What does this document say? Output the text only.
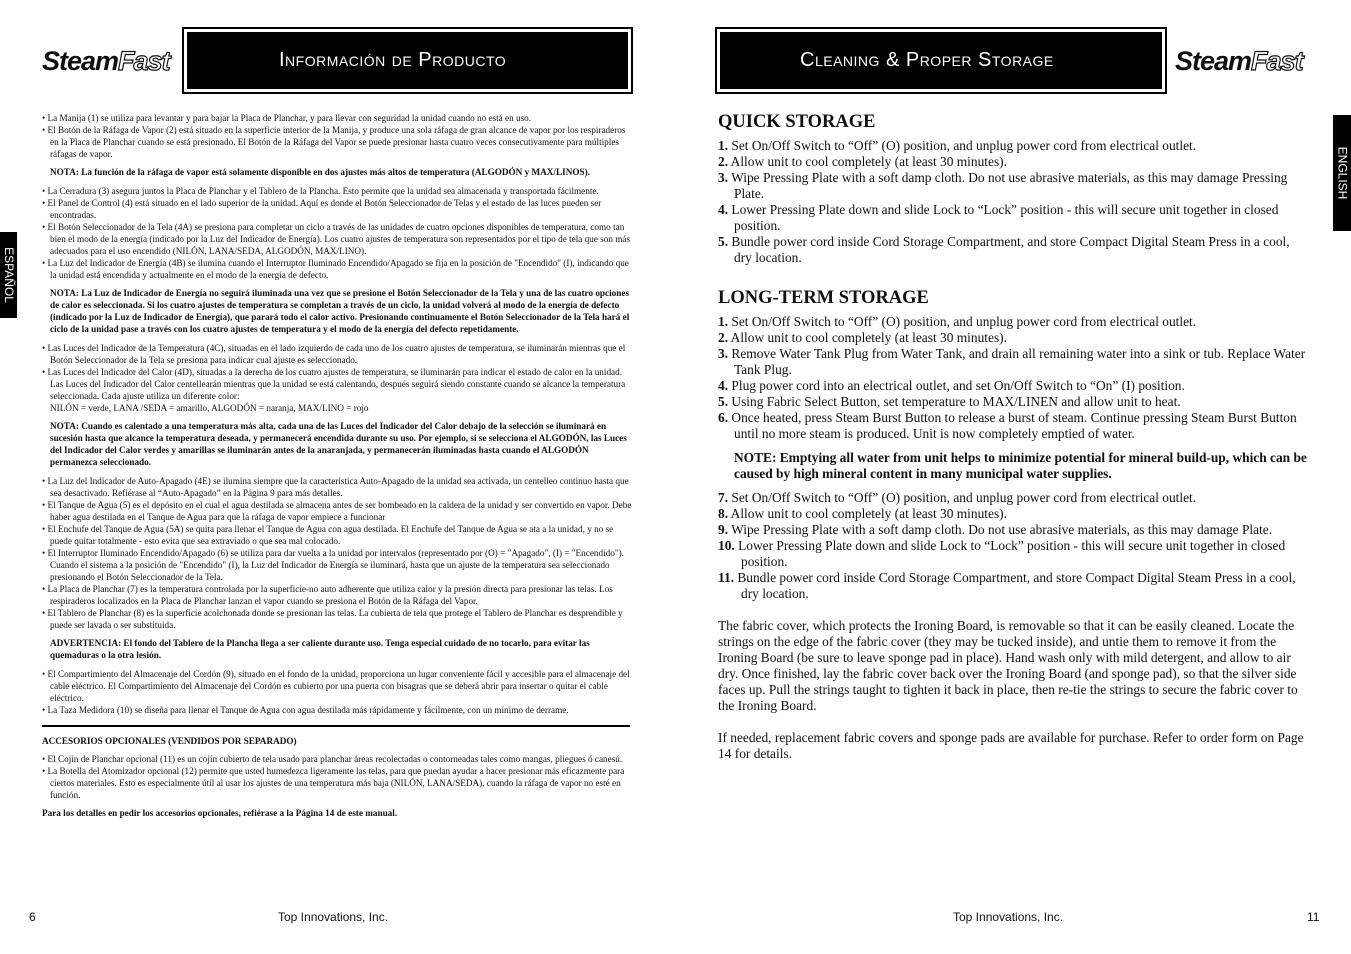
SteamFast	Información de Producto
ESPAÑOL

• La Manija (1) se utiliza para levantar y para bajar la Placa de Planchar, y para llevar con seguridad la unidad cuando no está en uso.

• El Botón de la Ráfaga de Vapor (2) está situado en la superficie interior de la Manija, y produce una sola ráfaga de gran alcance de vapor por los respiraderos en la Placa de Planchar cuando se está presionado. El Botón de la Ráfaga del Vapor se puede presionar hasta cuatro veces consecutivamente para múltiples ráfagas de vapor.

NOTA: La función de la ráfaga de vapor está solamente disponible en dos ajustes más altos de temperatura (ALGODÓN y MAX/LINOS).

• La Cerradura (3) asegura juntos la Placa de Planchar y el Tablero de la Plancha. Esto permite que la unidad sea almacenada y transportada fácilmente.

• El Panel de Control (4) está situado en el lado superior de la unidad. Aquí es donde el Botón Seleccionador de Telas y el estado de las luces pueden ser encontradas.

• El Botón Seleccionador de la Tela (4A) se presiona para completar un ciclo a través de las unidades de cuatro opciones disponibles de temperatura, como tan bien el modo de la energía (indicado por la Luz del Indicador de Energía). Los cuatro ajustes de temperatura son representados por el tipo de tela que son más adecuados para el uso encendido (NILÓN, LANA/SEDA, ALGODÓN, MAX/LINO).

• La Luz del Indicador de Energía (4B) se ilumina cuando el Interruptor Iluminado Encendido/Apagado se fija en la posición de "Encendido" (I), indicando que la unidad está encendida y actualmente en el modo de la energía de defecto.

NOTA: La Luz de Indicador de Energía no seguirá iluminada una vez que se presione el Botón Seleccionador de la Tela y una de las cuatro opciones de calor es seleccionada. Si los cuatro ajustes de temperatura se completan a través de un ciclo, la unidad volverá al modo de la energía de defecto (indicado por la Luz de Indicador de Energía), que parará todo el calor activo. Presionando continuamente el Botón Seleccionador de la Tela hará el ciclo de la unidad pase a través con los cuatro ajustes de temperatura y el modo de la energía del defecto repetidamente.

• Las Luces del Indicador de la Temperatura (4C), situadas en el lado izquierdo de cada uno de los cuatro ajustes de temperatura, se iluminarán mientras que el Botón Seleccionador de la Tela se presiona para indicar cual ajuste es seleccionado.

• Las Luces del Indicador del Calor (4D), situadas a la derecha de los cuatro ajustes de temperatura, se iluminarán para indicar el estado de calor en la unidad. Las Luces del Indicador del Calor centellearán mientras que la unidad se está calentando, después seguirá siendo constante cuando se alcance la temperatura seleccionada. Cada ajuste utiliza un diferente color:

NILÓN = verde, LANA /SEDA = amarillo, ALGODÓN = naranja, MAX/LINO = rojo

NOTA: Cuando es calentado a una temperatura más alta, cada una de las Luces del Indicador del Calor debajo de la selección se iluminará en sucesión hasta que alcance la temperatura deseada, y permanecerá encendida durante su uso. Por ejemplo, si se selecciona el ALGODÓN, las Luces del Indicador del Calor verdes y amarillas se iluminarán antes de la anaranjada, y permanecerán iluminadas hasta cuando el ALGODÓN permanezca seleccionado.

• La Luz del Indicador de Auto-Apagado (4E) se ilumina siempre que la característica Auto-Apagado de la unidad sea activada, un centelleo continuo hasta que sea desactivado. Refiérase al “Auto-Apagado” en la Página 9 para más detalles.

• El Tanque de Agua (5) es el depósito en el cual el agua destilada se almacena antes de ser bombeado en la caldera de la unidad y ser convertido en vapor. Debe haber agua destilada en el Tanque de Agua para que la ráfaga de vapor empiece a funcionar

• El Enchufe del Tanque de Agua (5A) se quita para llenar el Tanque de Agua con agua destilada. El Enchufe del Tanque de Agua se ata a la unidad, y no se puede quitar totalmente - esto evita que sea extraviado o que sea mal colocado.

• El Interruptor Iluminado Encendido/Apagado (6) se utiliza para dar vuelta a la unidad por intervalos (representado por (O) = "Apagado", (I) = "Encendido"). Cuando el sistema a la posición de "Encendido" (I), la Luz del Indicador de Energía se iluminará, hasta que un ajuste de la temperatura sea seleccionado presionando el Botón Seleccionador de la Tela.

• La Placa de Planchar (7) es la temperatura controlada por la superficie-no auto adherente que utiliza calor y la presión directa para presionar las telas. Los respiraderos localizados en la Placa de Planchar lanzan el vapor cuando se presiona el Botón de la Ráfaga del Vapor.

• El Tablero de Planchar (8) es la superficie acolchonada donde se presionan las telas. La cubierta de tela que protege el Tablero de Planchar es desprendible y puede ser lavada o ser substituida.

ADVERTENCIA: El fondo del Tablero de la Plancha llega a ser caliente durante uso. Tenga especial cuidado de no tocarlo, para evitar las quemaduras o la otra lesión.

• El Compartimiento del Almacenaje del Cordón (9), situado en el fondo de la unidad, proporciona un lugar conveniente fácil y accesible para el almacenaje del cable eléctrico. El Compartimiento del Almacenaje del Cordón es cubierto por una puerta con bisagras que se deberá abrir para insertar o quitar el cable eléctrico.

• La Taza Medidora (10) se diseña para llenar el Tanque de Agua con agua destilada más rápidamente y fácilmente, con un mínimo de derrame.

ACCESORIOS OPCIONALES (VENDIDOS POR SEPARADO)

• El Cojín de Planchar opcional (11) es un cojín cubierto de tela usado para planchar áreas recolectadas o contorneadas tales como mangas, pliegues ó canesú.

• La Botella del Atomizador opcional (12) permite que usted humedezca ligeramente las telas, para que puedan ayudar a hacer presionar más eficazmente para ciertos materiales. Esto es especialmente útil al usar los ajustes de una temperatura más baja (NILÓN, LANA/SEDA), cuando la ráfaga de vapor no esté en función.

Para los detalles en pedir los accesorios opcionales, refiérase a la Página 14 de este manual.

6	Top Innovations, Inc.
Cleaning & Proper Storage	SteamFast
ENGLISH
QUICK STORAGE

1. Set On/Off Switch to “Off” (O) position, and unplug power cord from electrical outlet.

2. Allow unit to cool completely (at least 30 minutes).

3. Wipe Pressing Plate with a soft damp cloth. Do not use abrasive materials, as this may damage Pressing Plate.

4. Lower Pressing Plate down and slide Lock to “Lock” position - this will secure unit together in closed position.

5. Bundle power cord inside Cord Storage Compartment, and store Compact Digital Steam Press in a cool, dry location.

LONG-TERM STORAGE

1. Set On/Off Switch to “Off” (O) position, and unplug power cord from electrical outlet.

2. Allow unit to cool completely (at least 30 minutes).

3. Remove Water Tank Plug from Water Tank, and drain all remaining water into a sink or tub. Replace Water Tank Plug.

4. Plug power cord into an electrical outlet, and set On/Off Switch to “On” (I) position.

5. Using Fabric Select Button, set temperature to MAX/LINEN and allow unit to heat.

6. Once heated, press Steam Burst Button to release a burst of steam. Continue pressing Steam Burst Button until no more steam is produced. Unit is now completely emptied of water.

NOTE: Emptying all water from unit helps to minimize potential for mineral build-up, which can be caused by high mineral content in many municipal water supplies.

7. Set On/Off Switch to “Off” (O) position, and unplug power cord from electrical outlet.

8. Allow unit to cool completely (at least 30 minutes).

9. Wipe Pressing Plate with a soft damp cloth. Do not use abrasive materials, as this may damage Plate.

10. Lower Pressing Plate down and slide Lock to “Lock” position - this will secure unit together in closed position.

11. Bundle power cord inside Cord Storage Compartment, and store Compact Digital Steam Press in a cool, dry location.

The fabric cover, which protects the Ironing Board, is removable so that it can be easily cleaned. Locate the strings on the edge of the fabric cover (they may be tucked inside), and untie them to remove it from the Ironing Board (be sure to leave sponge pad in place). Hand wash only with mild detergent, and allow to air dry. Once finished, lay the fabric cover back over the Ironing Board (and sponge pad), so that the silver side faces up. Pull the strings taught to tighten it back in place, then re-tie the strings to secure the fabric cover to the Ironing Board.

If needed, replacement fabric covers and sponge pads are available for purchase. Refer to order form on Page 14 for details.

Top Innovations, Inc.	11
